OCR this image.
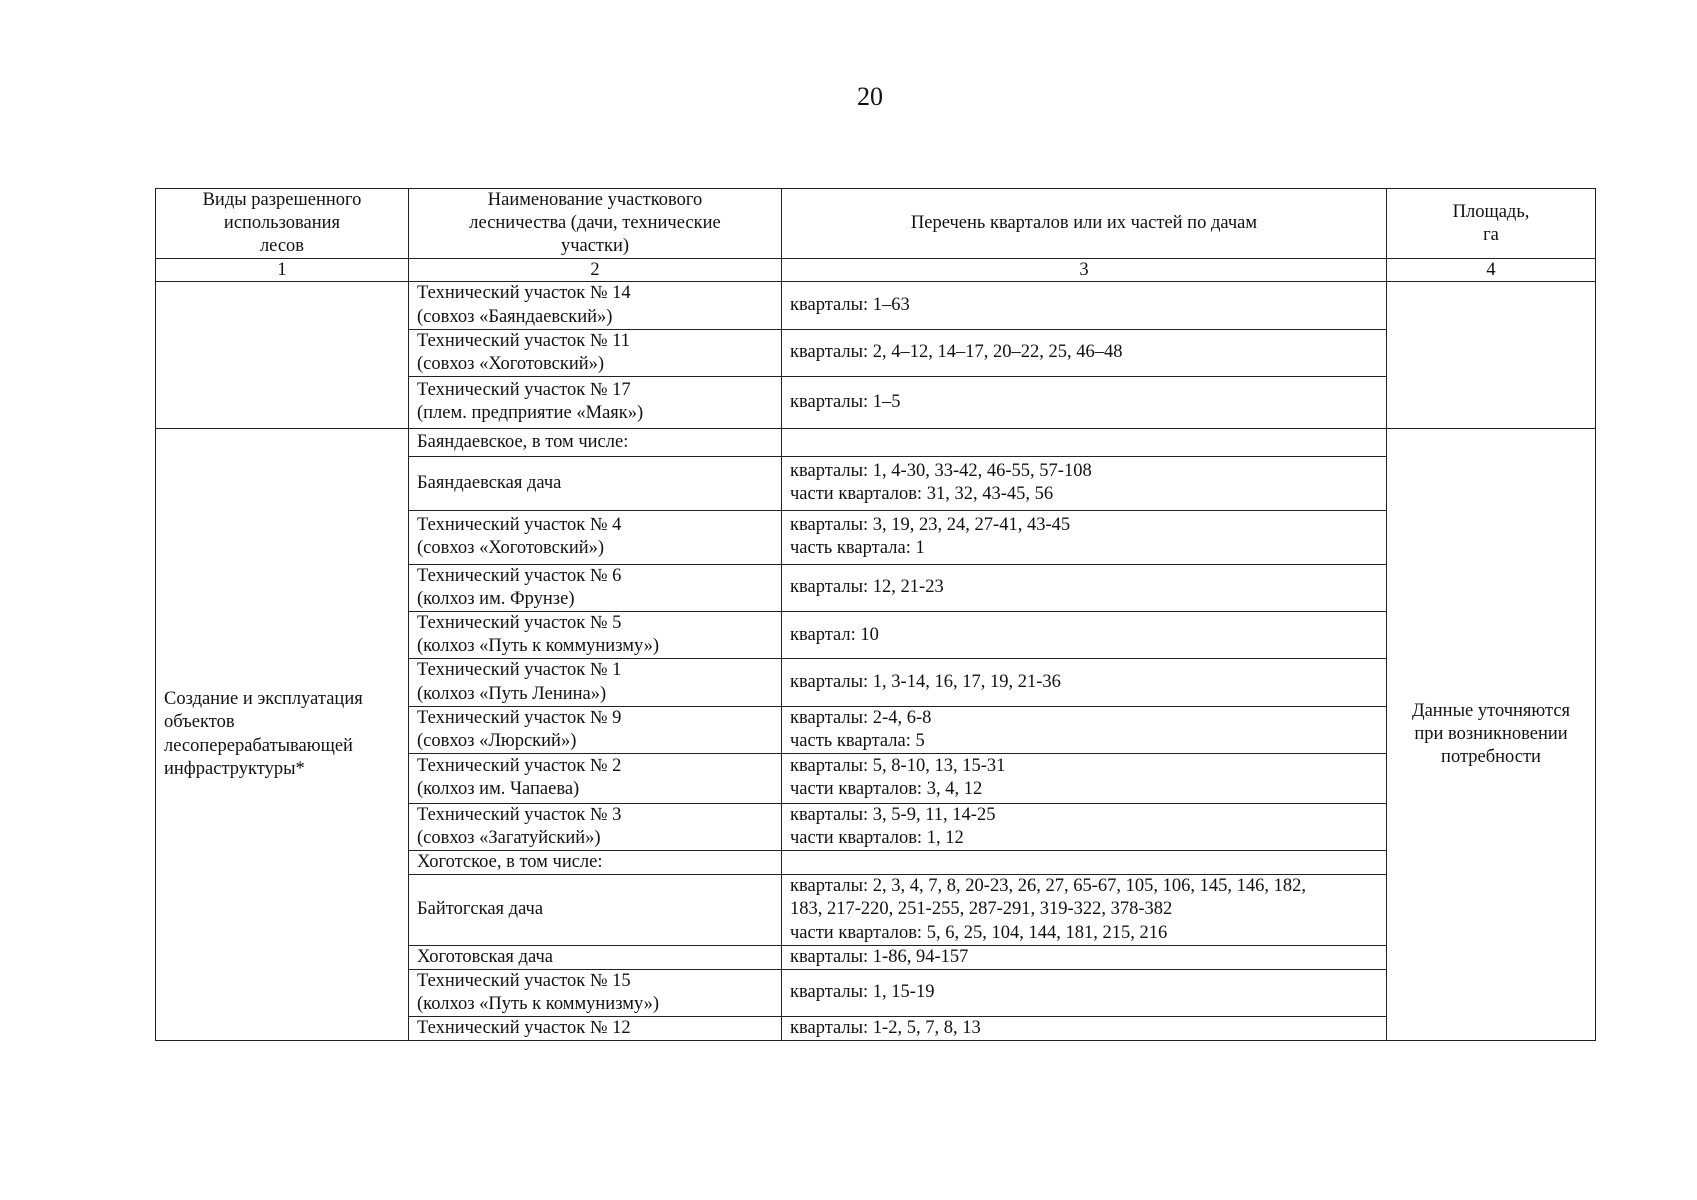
20
Виды разрешенного
использования
лесов	Наименование участкового
лесничества (дачи, технические
участки)	Перечень кварталов или их частей по дачам	Площадь,
га

1	2	3	4

	Технический участок № 14
(совхоз «Баяндаевский»)	кварталы: 1–63	

	Технический участок № 11
(совхоз «Хоготовский»)	кварталы: 2, 4–12, 14–17, 20–22, 25, 46–48	

	Технический участок № 17
(плем. предприятие «Маяк»)	кварталы: 1–5	

Создание и эксплуатация
объектов
лесоперерабатывающей
инфраструктуры*	Баяндаевское, в том числе:		Данные уточняются
при возникновении
потребности

	Баяндаевская дача	кварталы: 1, 4-30, 33-42, 46-55, 57-108
части кварталов: 31, 32, 43-45, 56	

	Технический участок № 4
(совхоз «Хоготовский»)	кварталы: 3, 19, 23, 24, 27-41, 43-45
часть квартала: 1	

	Технический участок № 6
(колхоз им. Фрунзе)	кварталы: 12, 21-23	

	Технический участок № 5
(колхоз «Путь к коммунизму»)	квартал: 10	

	Технический участок № 1
(колхоз «Путь Ленина»)	кварталы: 1, 3-14, 16, 17, 19, 21-36	

	Технический участок № 9
(совхоз «Люрский»)	кварталы: 2-4, 6-8
часть квартала: 5	

	Технический участок № 2
(колхоз им. Чапаева)	кварталы: 5, 8-10, 13, 15-31
части кварталов: 3, 4, 12	

	Технический участок № 3
(совхоз «Загатуйский»)	кварталы: 3, 5-9, 11, 14-25
части кварталов: 1, 12	

	Хоготское, в том числе:		

	Байтогская дача	кварталы: 2, 3, 4, 7, 8, 20-23, 26, 27, 65-67, 105, 106, 145, 146, 182,
183, 217-220, 251-255, 287-291, 319-322, 378-382
части кварталов: 5, 6, 25, 104, 144, 181, 215, 216	

	Хоготовская дача	кварталы: 1-86, 94-157	

	Технический участок № 15
(колхоз «Путь к коммунизму»)	кварталы: 1, 15-19	

	Технический участок № 12	кварталы: 1-2, 5, 7, 8, 13	
